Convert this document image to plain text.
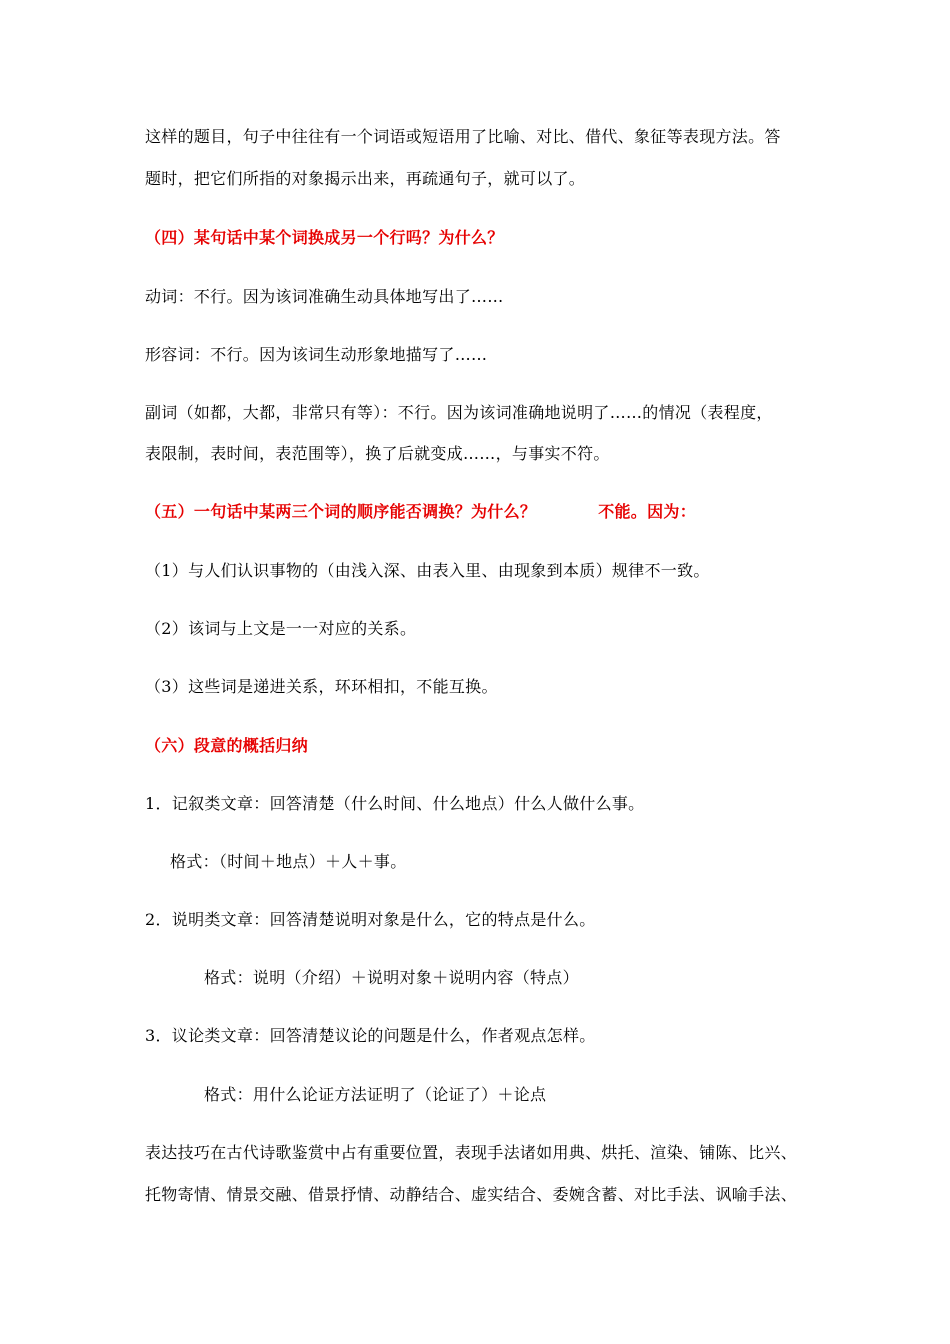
这样的题目，句子中往往有一个词语或短语用了比喻、对比、借代、象征等表现方法。答
题时，把它们所指的对象揭示出来，再疏通句子，就可以了。
（四）某句话中某个词换成另一个行吗？为什么？
动词：不行。因为该词准确生动具体地写出了……
形容词：不行。因为该词生动形象地描写了……
副词（如都，大都，非常只有等）：不行。因为该词准确地说明了……的情况（表程度，
表限制，表时间，表范围等），换了后就变成……，与事实不符。
（五）一句话中某两三个词的顺序能否调换？为什么？	不能。因为：
（1）与人们认识事物的（由浅入深、由表入里、由现象到本质）规律不一致。
（2）该词与上文是一一对应的关系。
（3）这些词是递进关系，环环相扣，不能互换。
（六）段意的概括归纳
1．记叙类文章：回答清楚（什么时间、什么地点）什么人做什么事。
格式：（时间＋地点）＋人＋事。
2．说明类文章：回答清楚说明对象是什么，它的特点是什么。
格式：说明（介绍）＋说明对象＋说明内容（特点）
3．议论类文章：回答清楚议论的问题是什么，作者观点怎样。
格式：用什么论证方法证明了（论证了）＋论点
表达技巧在古代诗歌鉴赏中占有重要位置，表现手法诸如用典、烘托、渲染、铺陈、比兴、
托物寄情、情景交融、借景抒情、动静结合、虚实结合、委婉含蓄、对比手法、讽喻手法、
